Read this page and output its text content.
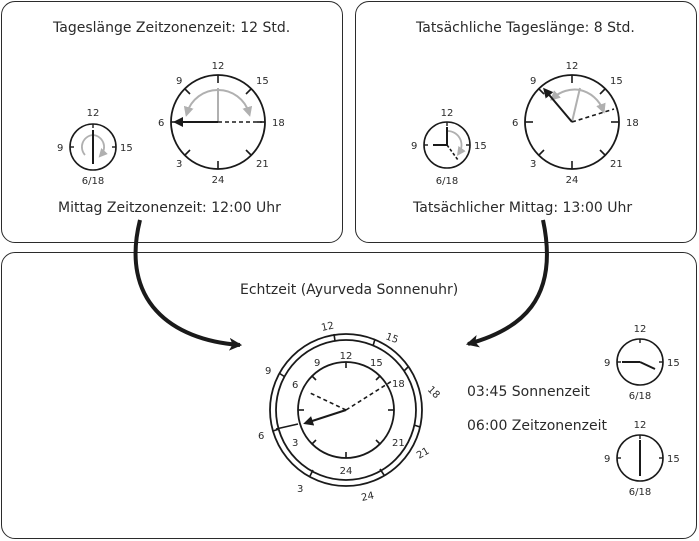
Tageslänge Zeitzonenzeit: 12 Std.
Mittag Zeitzonenzeit: 12:00 Uhr
Tatsächliche Tageslänge: 8 Std.
Tatsächlicher Mittag: 13:00 Uhr
Echtzeit (Ayurveda Sonnenuhr)
03:45 Sonnenzeit
06:00 Zeitzonenzeit
12
15
6/18
9
12
15
18
21
24
3
6
9
12
15
6/18
9
12
15
18
21
24
3
6
9
12
15
18
21
24
3
6
9
12
15
18
21
24
3
6
9
12
15
6/18
9
12
15
6/18
9
